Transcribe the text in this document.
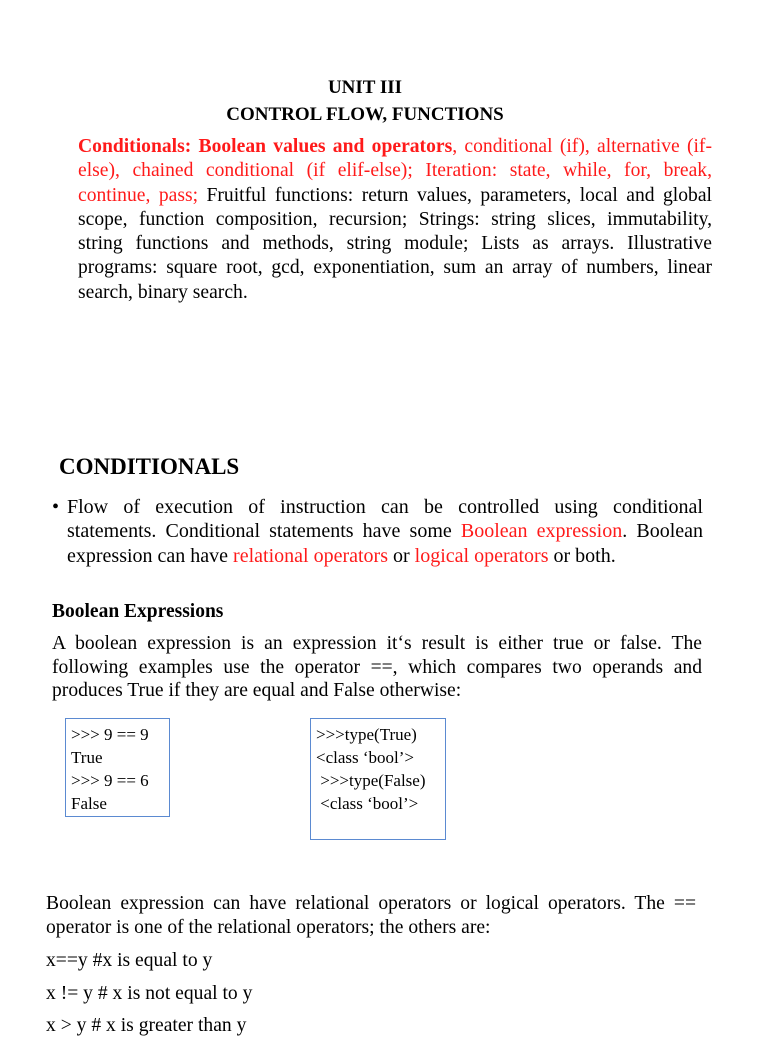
UNIT III
CONTROL FLOW, FUNCTIONS
Conditionals: Boolean values and operators, conditional (if), alternative (if-else), chained conditional (if elif-else); Iteration: state, while, for, break, continue, pass; Fruitful functions: return values, parameters, local and global scope, function composition, recursion; Strings: string slices, immutability, string functions and methods, string module; Lists as arrays. Illustrative programs: square root, gcd, exponentiation, sum an array of numbers, linear search, binary search.
CONDITIONALS
• Flow of execution of instruction can be controlled using conditional statements. Conditional statements have some Boolean expression. Boolean expression can have relational operators or logical operators or both.
Boolean Expressions
A boolean expression is an expression it‘s result is either true or false. The following examples use the operator ==, which compares two operands and produces True if they are equal and False otherwise:
>>> 9 == 9
True
>>> 9 == 6
False
>>>type(True)
<class ‘bool’>
>>>type(False)
<class ‘bool’>
Boolean expression can have relational operators or logical operators. The == operator is one of the relational operators; the others are:
x==y #x is equal to y
x != y # x is not equal to y
x > y # x is greater than y
